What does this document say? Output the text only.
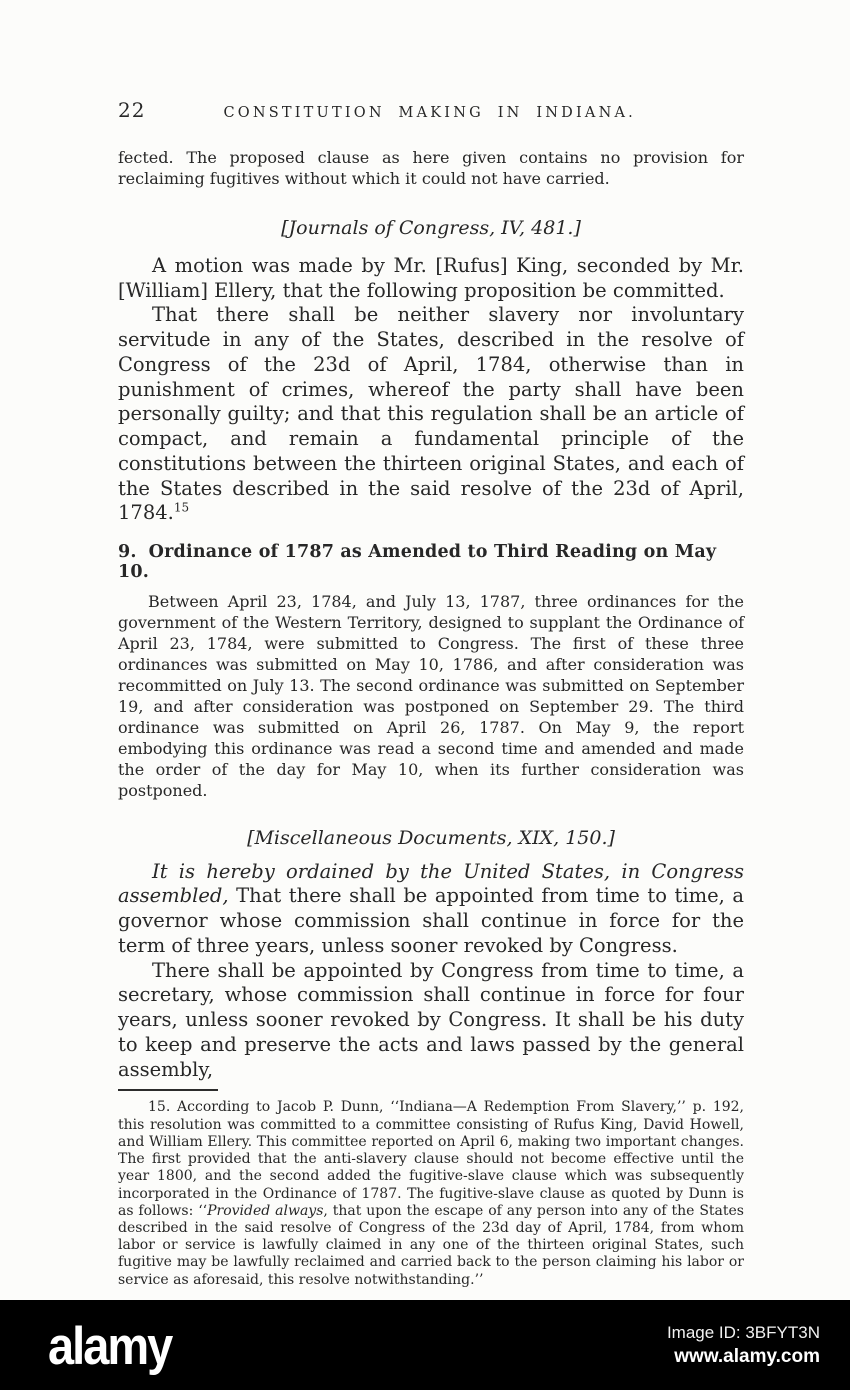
22	CONSTITUTION MAKING IN INDIANA.

fected. The proposed clause as here given contains no provision for reclaiming fugitives without which it could not have carried.

[Journals of Congress, IV, 481.]

A motion was made by Mr. [Rufus] King, seconded by Mr. [William] Ellery, that the following proposition be committed.

That there shall be neither slavery nor involuntary servitude in any of the States, described in the resolve of Congress of the 23d of April, 1784, otherwise than in punishment of crimes, whereof the party shall have been personally guilty; and that this regulation shall be an article of compact, and remain a fundamental principle of the constitutions between the thirteen original States, and each of the States described in the said resolve of the 23d of April, 1784.15

9. Ordinance of 1787 as Amended to Third Reading on May 10.

Between April 23, 1784, and July 13, 1787, three ordinances for the government of the Western Territory, designed to supplant the Ordinance of April 23, 1784, were submitted to Congress. The first of these three ordinances was submitted on May 10, 1786, and after consideration was recommitted on July 13. The second ordinance was submitted on September 19, and after consideration was postponed on September 29. The third ordinance was submitted on April 26, 1787. On May 9, the report embodying this ordinance was read a second time and amended and made the order of the day for May 10, when its further consideration was postponed.

[Miscellaneous Documents, XIX, 150.]

It is hereby ordained by the United States, in Congress assembled, That there shall be appointed from time to time, a governor whose commission shall continue in force for the term of three years, unless sooner revoked by Congress.

There shall be appointed by Congress from time to time, a secretary, whose commission shall continue in force for four years, unless sooner revoked by Congress. It shall be his duty to keep and preserve the acts and laws passed by the general assembly,

15. According to Jacob P. Dunn, ‘‘Indiana—A Redemption From Slavery,’’ p. 192, this resolution was committed to a committee consisting of Rufus King, David Howell, and William Ellery. This committee reported on April 6, making two important changes. The first provided that the anti-slavery clause should not become effective until the year 1800, and the second added the fugitive-slave clause which was subsequently incorporated in the Ordinance of 1787. The fugitive-slave clause as quoted by Dunn is as follows: ‘‘Provided always, that upon the escape of any person into any of the States described in the said resolve of Congress of the 23d day of April, 1784, from whom labor or service is lawfully claimed in any one of the thirteen original States, such fugitive may be lawfully reclaimed and carried back to the person claiming his labor or service as aforesaid, this resolve notwithstanding.’’

alamy	Image ID: 3BFYT3N
www.alamy.com
